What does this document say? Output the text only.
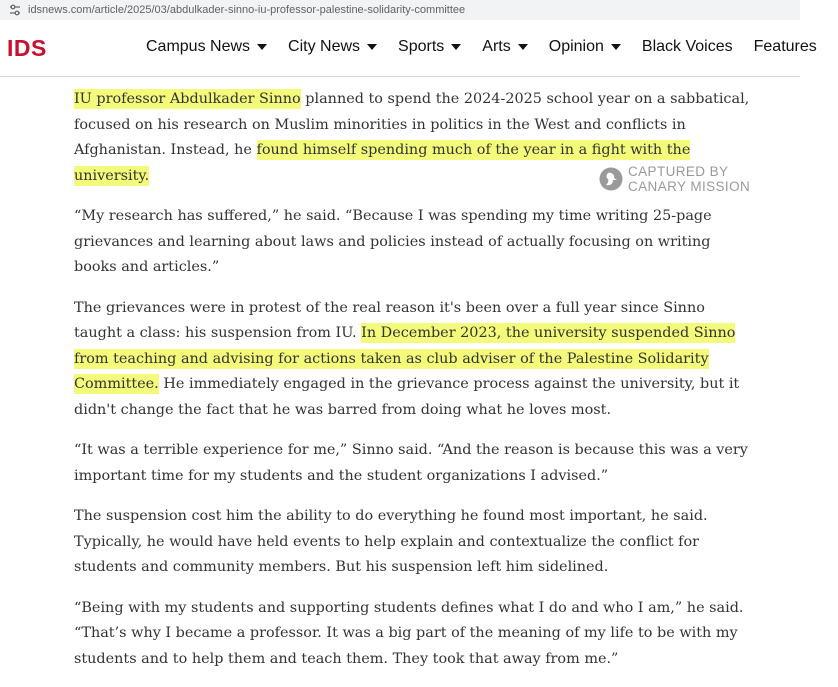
idsnews.com/article/2025/03/abdulkader-sinno-iu-professor-palestine-solidarity-committee
IDS	Campus News City News Sports Arts Opinion Black Voices Features

IU professor Abdulkader Sinno planned to spend the 2024-2025 school year on a sabbatical, focused on his research on Muslim minorities in politics in the West and conflicts in Afghanistan. Instead, he found himself spending much of the year in a fight with the university.

“My research has suffered,” he said. “Because I was spending my time writing 25-page grievances and learning about laws and policies instead of actually focusing on writing books and articles.”

The grievances were in protest of the real reason it's been over a full year since Sinno taught a class: his suspension from IU. In December 2023, the university suspended Sinno from teaching and advising for actions taken as club adviser of the Palestine Solidarity Committee. He immediately engaged in the grievance process against the university, but it didn't change the fact that he was barred from doing what he loves most.

“It was a terrible experience for me,” Sinno said. “And the reason is because this was a very important time for my students and the student organizations I advised.”

The suspension cost him the ability to do everything he found most important, he said. Typically, he would have held events to help explain and contextualize the conflict for students and community members. But his suspension left him sidelined.

“Being with my students and supporting students defines what I do and who I am,” he said. “That’s why I became a professor. It was a big part of the meaning of my life to be with my students and to help them and teach them. They took that away from me.”

CAPTURED BY
CANARY MISSION
